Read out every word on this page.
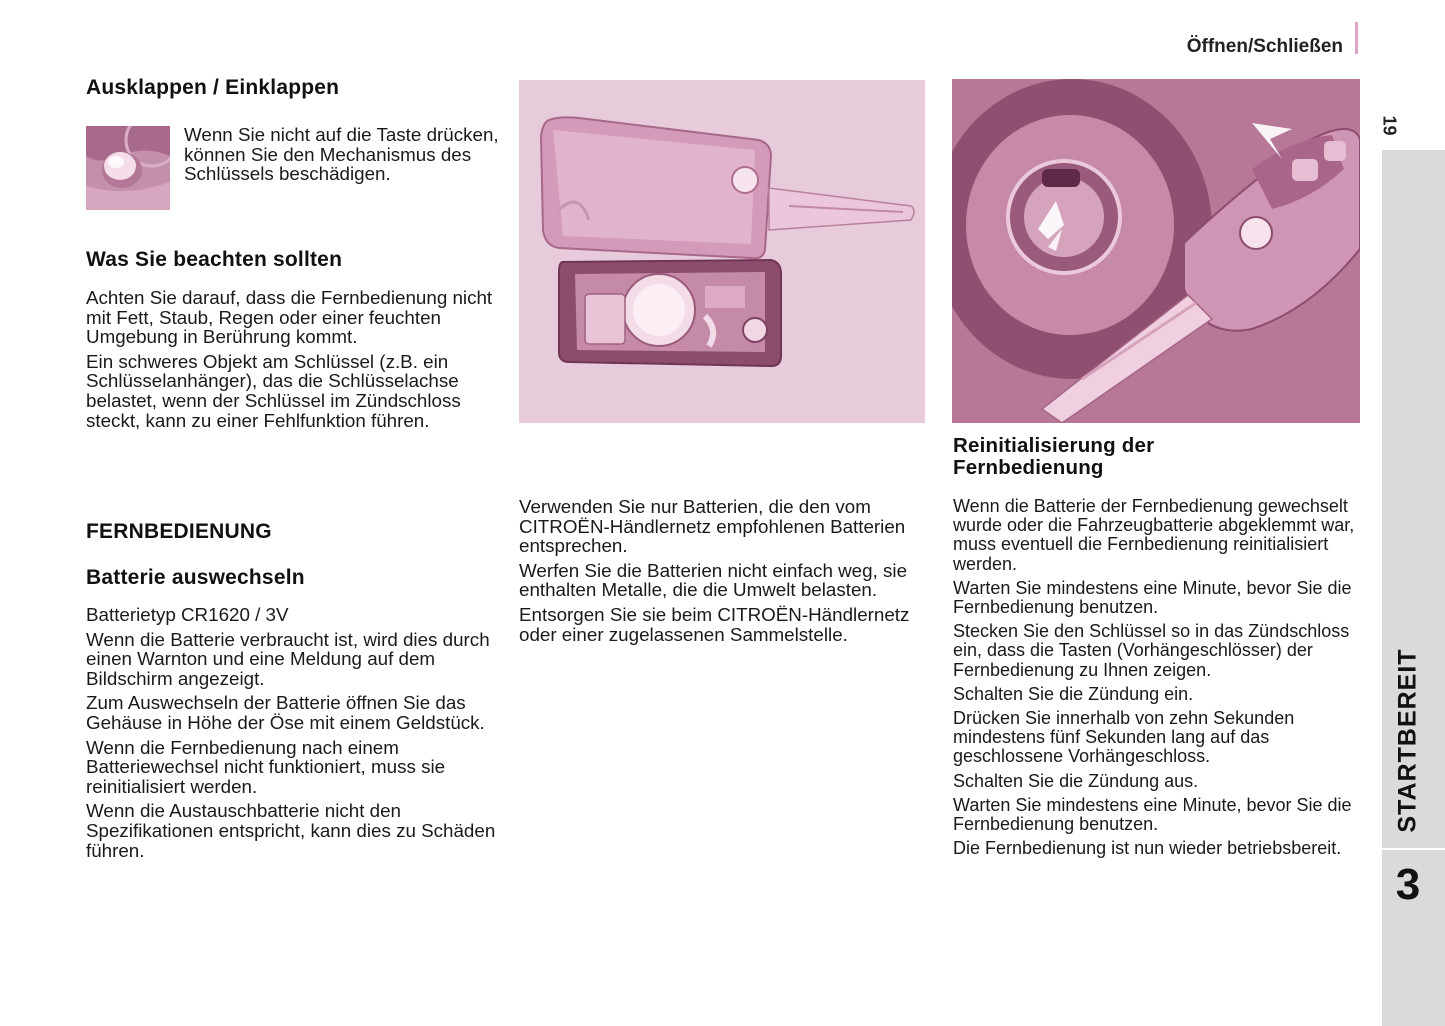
Öffnen/Schließen
19
STARTBEREIT
3
Ausklappen / Einklappen
Wenn Sie nicht auf die Taste drücken, können Sie den Mechanismus des Schlüssels beschädigen.
Was Sie beachten sollten

Achten Sie darauf, dass die Fernbedienung nicht mit Fett, Staub, Regen oder einer feuchten Umgebung in Berührung kommt.

Ein schweres Objekt am Schlüssel (z.B. ein Schlüsselanhänger), das die Schlüsselachse belastet, wenn der Schlüssel im Zündschloss steckt, kann zu einer Fehlfunktion führen.

FERNBEDIENUNG
Batterie auswechseln

Batterietyp CR1620 / 3V

Wenn die Batterie verbraucht ist, wird dies durch einen Warnton und eine Meldung auf dem Bildschirm angezeigt.

Zum Auswechseln der Batterie öffnen Sie das Gehäuse in Höhe der Öse mit einem Geldstück.

Wenn die Fernbedienung nach einem Batteriewechsel nicht funktioniert, muss sie reinitialisiert werden.

Wenn die Austauschbatterie nicht den Spezifikationen entspricht, kann dies zu Schäden führen.

Verwenden Sie nur Batterien, die den vom CITROËN-Händlernetz empfohlenen Batterien entsprechen.

Werfen Sie die Batterien nicht einfach weg, sie enthalten Metalle, die die Umwelt belasten.

Entsorgen Sie sie beim CITROËN-Händlernetz oder einer zugelassenen Sammelstelle.

Reinitialisierung der
Fernbedienung

Wenn die Batterie der Fernbedienung gewechselt wurde oder die Fahrzeugbatterie abgeklemmt war, muss eventuell die Fernbedienung reinitialisiert werden.

Warten Sie mindestens eine Minute, bevor Sie die Fernbedienung benutzen.

Stecken Sie den Schlüssel so in das Zündschloss ein, dass die Tasten (Vorhängeschlösser) der Fernbedienung zu Ihnen zeigen.

Schalten Sie die Zündung ein.

Drücken Sie innerhalb von zehn Sekunden mindestens fünf Sekunden lang auf das geschlossene Vorhängeschloss.

Schalten Sie die Zündung aus.

Warten Sie mindestens eine Minute, bevor Sie die Fernbedienung benutzen.

Die Fernbedienung ist nun wieder betriebsbereit.
